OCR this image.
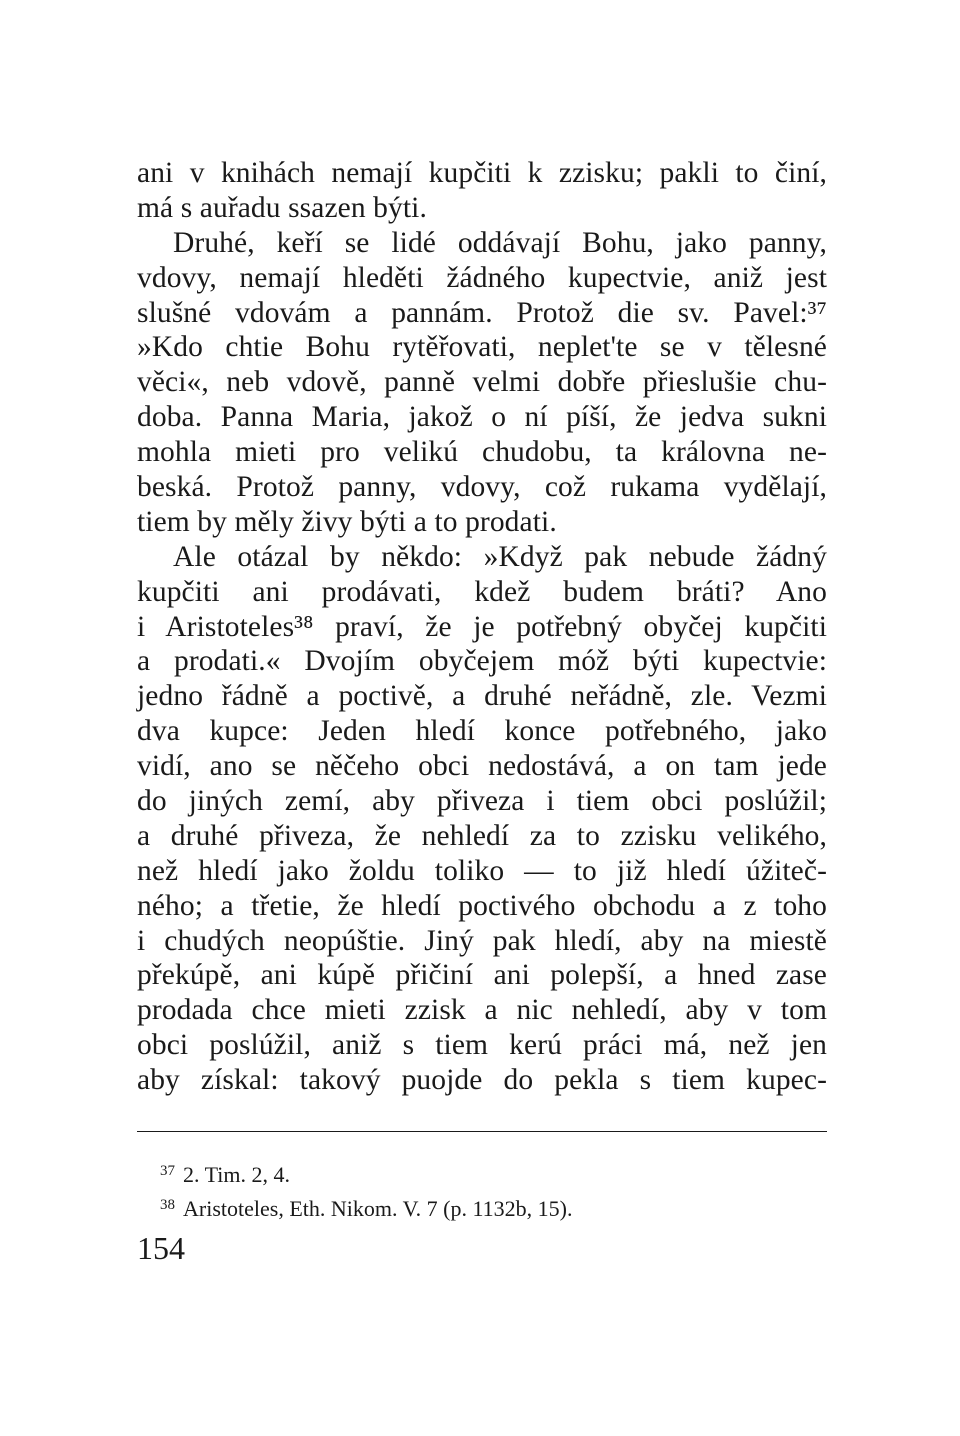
ani v knihách nemají kupčiti k zzisku; pakli to činí,
má s auřadu ssazen býti.
Druhé, keří se lidé oddávají Bohu, jako panny,
vdovy, nemají hleděti žádného kupectvie, aniž jest
slušné vdovám a pannám. Protož die sv. Pavel:³⁷
»Kdo chtie Bohu rytěřovati, neplet'te se v tělesné
věci«, neb vdově, panně velmi dobře přieslušie chu-
doba. Panna Maria, jakož o ní píší, že jedva sukni
mohla mieti pro velikú chudobu, ta královna ne-
beská. Protož panny, vdovy, což rukama vydělají,
tiem by měly živy býti a to prodati.
Ale otázal by někdo: »Když pak nebude žádný
kupčiti ani prodávati, kdež budem bráti? Ano
i Aristoteles³⁸ praví, že je potřebný obyčej kupčiti
a prodati.« Dvojím obyčejem móž býti kupectvie:
jedno řádně a poctivě, a druhé neřádně, zle. Vezmi
dva kupce: Jeden hledí konce potřebného, jako
vidí, ano se něčeho obci nedostává, a on tam jede
do jiných zemí, aby přiveza i tiem obci poslúžil;
a druhé přiveza, že nehledí za to zzisku velikého,
než hledí jako žoldu toliko — to již hledí úžiteč-
ného; a třetie, že hledí poctivého obchodu a z toho
i chudých neopúštie. Jiný pak hledí, aby na miestě
překúpě, ani kúpě přičiní ani polepší, a hned zase
prodada chce mieti zzisk a nic nehledí, aby v tom
obci poslúžil, aniž s tiem kerú práci má, než jen
aby získal: takový puojde do pekla s tiem kupec-
$^{37}$ 2. Tim. 2, 4.
$^{38}$ Aristoteles, Eth. Nikom. V. 7 (p. 1132b, 15).
154
